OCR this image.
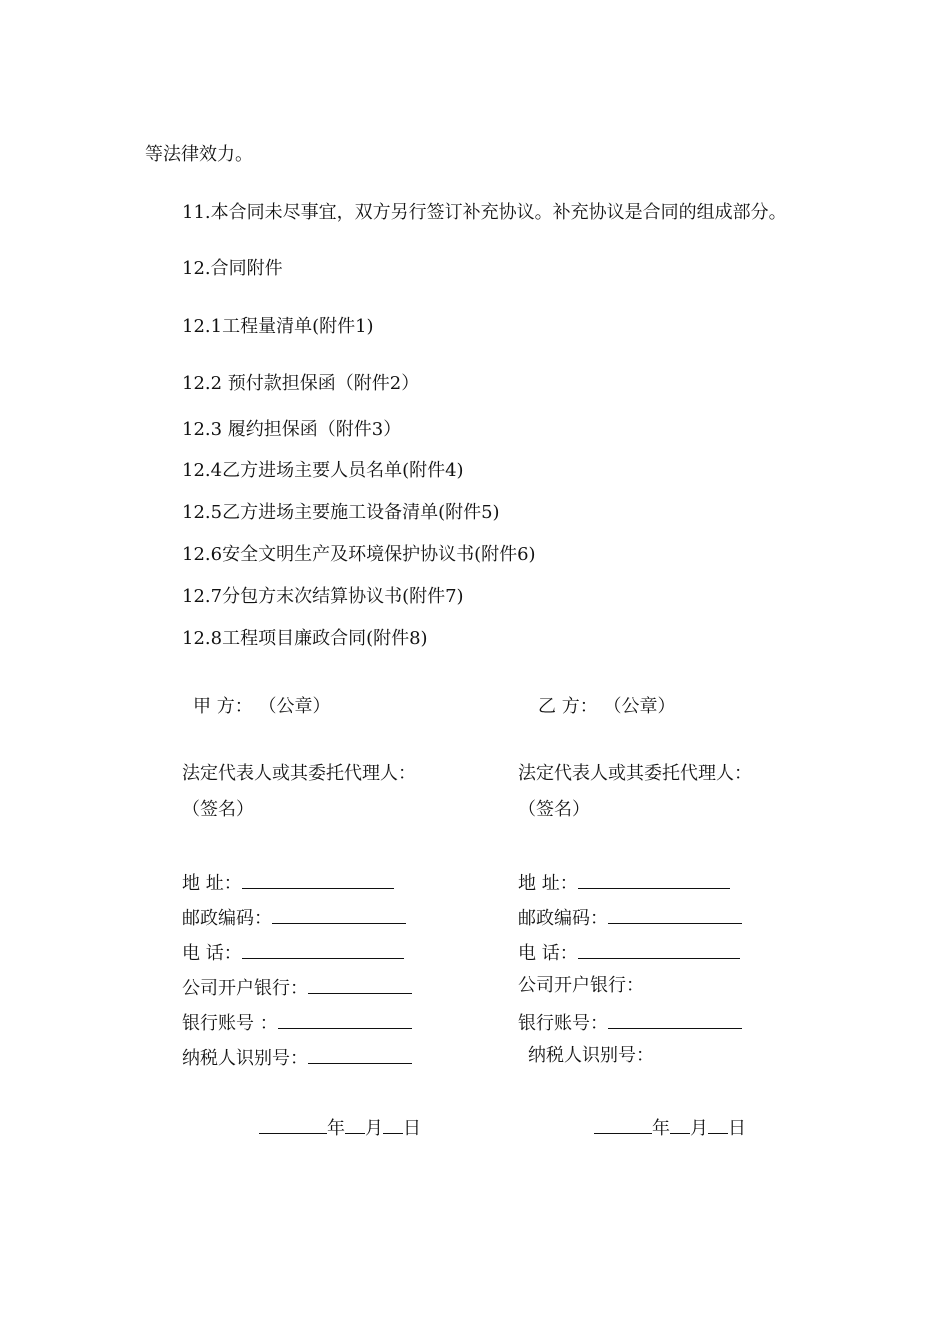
等法律效力。
11.本合同未尽事宜，双方另行签订补充协议。补充协议是合同的组成部分。
12.合同附件
12.1工程量清单(附件1)
12.2 预付款担保函（附件2）
12.3 履约担保函（附件3）
12.4乙方进场主要人员名单(附件4)
12.5乙方进场主要施工设备清单(附件5)
12.6安全文明生产及环境保护协议书(附件6)
12.7分包方末次结算协议书(附件7)
12.8工程项目廉政合同(附件8)
甲 方： （公章）
法定代表人或其委托代理人：
（签名）
地 址：
邮政编码：
电 话：
公司开户银行：
银行账号 ：
纳税人识别号：
年 月 日
乙 方： （公章）
法定代表人或其委托代理人：
（签名）
地 址：
邮政编码：
电 话：
公司开户银行：
银行账号：
纳税人识别号：
年 月 日
